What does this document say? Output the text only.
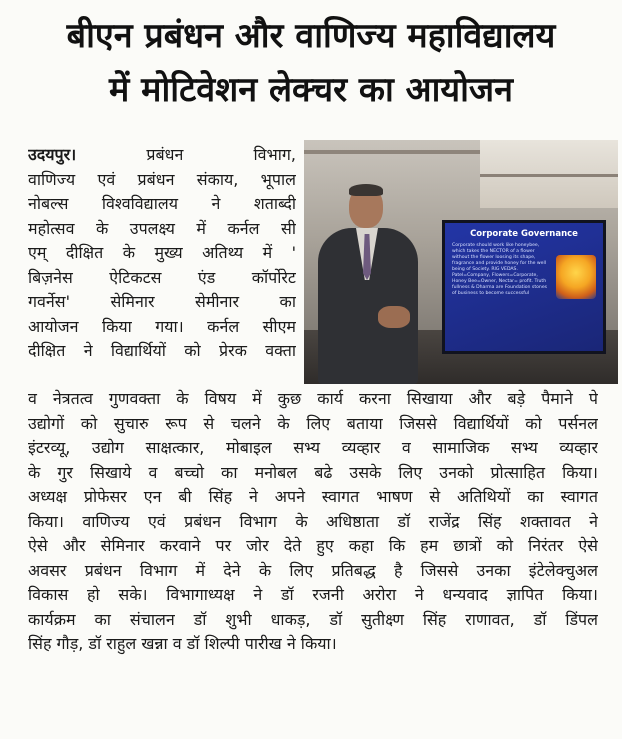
बीएन प्रबंधन और वाणिज्य महाविद्यालय
में मोटिवेशन लेक्चर का आयोजन
उदयपुर।	प्रबंधन विभाग,
वाणिज्य एवं प्रबंधन संकाय, भूपाल
नोबल्स विश्वविद्यालय ने शताब्दी
महोत्सव के उपलक्ष्य में कर्नल सी
एम् दीक्षित के मुख्य अतिथ्य में '
बिज़नेस ऐटिकटस एंड कॉर्पोरेट
गवर्नेस' सेमिनार सेमीनार का
आयोजन किया गया। कर्नल सीएम
दीक्षित ने विद्यार्थियों को प्रेरक वक्ता
Corporate Governance
Corporate should work like honeybee, which takes the NECTOR of a flower without the flower loosing its shape, fragrance and provide honey for the well being of Society. RIG VEDAS. Patel=Company, Flowers=Corporate, Honey Bee=Owner, Nectar= profit. Truth fullness & Dharma are Foundation stones of business to become successful
व नेत्रतत्व गुणवक्ता के विषय में कुछ कार्य करना सिखाया और बड़े पैमाने पे
उद्योगों को सुचारु रूप से चलने के लिए बताया जिससे विद्यार्थियों को पर्सनल
इंटरव्यू, उद्योग साक्षत्कार, मोबाइल सभ्य व्यव्हार व सामाजिक सभ्य व्यव्हार
के गुर सिखाये व बच्चो का मनोबल बढे उसके लिए उनको प्रोत्साहित किया।
अध्यक्ष प्रोफेसर एन बी सिंह ने अपने स्वागत भाषण से अतिथियों का स्वागत
किया। वाणिज्य एवं प्रबंधन विभाग के अधिष्ठाता डॉ राजेंद्र सिंह शक्तावत ने
ऐसे और सेमिनार करवाने पर जोर देते हुए कहा कि हम छात्रों को निरंतर ऐसे
अवसर प्रबंधन विभाग में देने के लिए प्रतिबद्ध है जिससे उनका इंटेलेक्चुअल
विकास हो सके। विभागाध्यक्ष ने डॉ रजनी अरोरा ने धन्यवाद ज्ञापित किया।
कार्यक्रम का संचालन डॉ शुभी धाकड़, डॉ सुतीक्ष्ण सिंह राणावत, डॉ डिंपल
सिंह गौड़, डॉ राहुल खन्ना व डॉ शिल्पी पारीख ने किया।
